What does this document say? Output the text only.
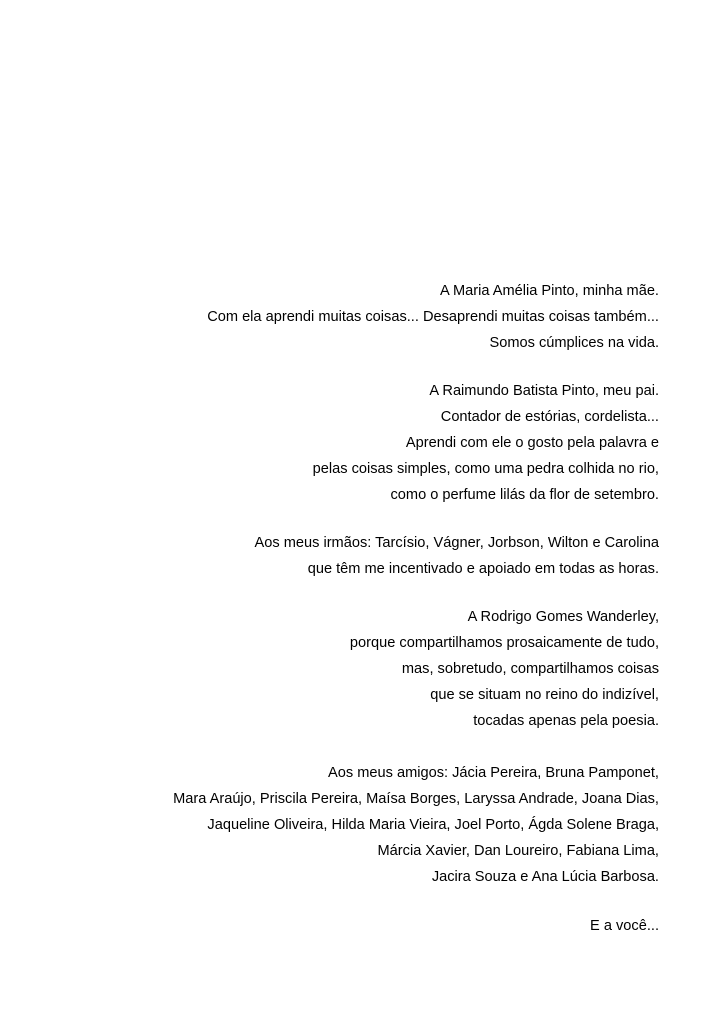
A Maria Amélia Pinto, minha mãe.
Com ela aprendi muitas coisas... Desaprendi muitas coisas também...
Somos cúmplices na vida.
A Raimundo Batista Pinto, meu pai.
Contador de estórias, cordelista...
Aprendi com ele o gosto pela palavra e
pelas coisas simples, como uma pedra colhida no rio,
como o perfume lilás da flor de setembro.
Aos meus irmãos: Tarcísio, Vágner, Jorbson, Wilton e Carolina
que têm me incentivado e apoiado em todas as horas.
A Rodrigo Gomes Wanderley,
porque compartilhamos prosaicamente de tudo,
mas, sobretudo, compartilhamos coisas
que se situam no reino do indizível,
tocadas apenas pela poesia.
Aos meus amigos: Jácia Pereira, Bruna Pamponet,
Mara Araújo, Priscila Pereira, Maísa Borges, Laryssa Andrade, Joana Dias,
Jaqueline Oliveira, Hilda Maria Vieira, Joel Porto, Ágda Solene Braga,
Márcia Xavier, Dan Loureiro, Fabiana Lima,
Jacira Souza e Ana Lúcia Barbosa.
E a você...
